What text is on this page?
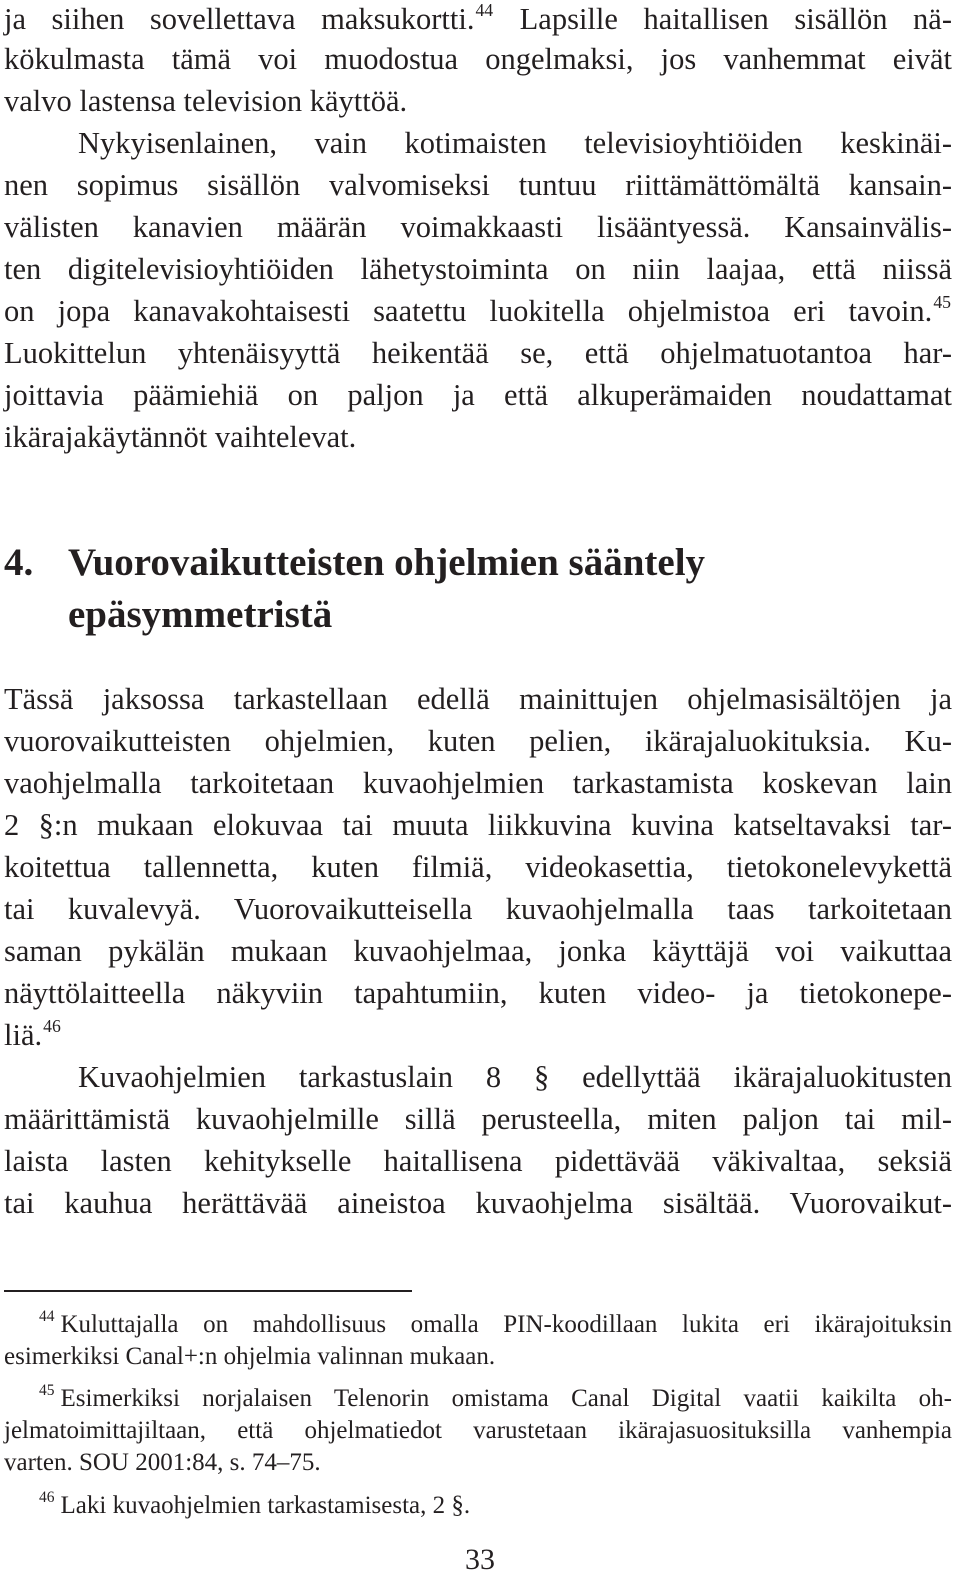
ja siihen sovellettava maksukortti.$^{44}$ Lapsille haitallisen sisällön nä-
kökulmasta tämä voi muodostua ongelmaksi, jos vanhemmat eivät
valvo lastensa television käyttöä.
Nykyisenlainen, vain kotimaisten televisioyhtiöiden keskinäi-
nen sopimus sisällön valvomiseksi tuntuu riittämättömältä kansain-
välisten kanavien määrän voimakkaasti lisääntyessä. Kansainvälis-
ten digitelevisioyhtiöiden lähetystoiminta on niin laajaa, että niissä
on jopa kanavakohtaisesti saatettu luokitella ohjelmistoa eri tavoin.$^{45}$
Luokittelun yhtenäisyyttä heikentää se, että ohjelmatuotantoa har-
joittavia päämiehiä on paljon ja että alkuperämaiden noudattamat
ikärajakäytännöt vaihtelevat.
4. Vuorovaikutteisten ohjelmien sääntely
epäsymmetristä
Tässä jaksossa tarkastellaan edellä mainittujen ohjelmasisältöjen ja
vuorovaikutteisten ohjelmien, kuten pelien, ikärajaluokituksia. Ku-
vaohjelmalla tarkoitetaan kuvaohjelmien tarkastamista koskevan lain
2 §:n mukaan elokuvaa tai muuta liikkuvina kuvina katseltavaksi tar-
koitettua tallennetta, kuten filmiä, videokasettia, tietokonelevykettä
tai kuvalevyä. Vuorovaikutteisella kuvaohjelmalla taas tarkoitetaan
saman pykälän mukaan kuvaohjelmaa, jonka käyttäjä voi vaikuttaa
näyttölaitteella näkyviin tapahtumiin, kuten video- ja tietokonepe-
liä.$^{46}$
Kuvaohjelmien tarkastuslain 8 § edellyttää ikärajaluokitusten
määrittämistä kuvaohjelmille sillä perusteella, miten paljon tai mil-
laista lasten kehitykselle haitallisena pidettävää väkivaltaa, seksiä
tai kauhua herättävää aineistoa kuvaohjelma sisältää. Vuorovaikut-
$^{44}$ Kuluttajalla on mahdollisuus omalla PIN-koodillaan lukita eri ikärajoituksin
esimerkiksi Canal+:n ohjelmia valinnan mukaan.
$^{45}$ Esimerkiksi norjalaisen Telenorin omistama Canal Digital vaatii kaikilta oh-
jelmatoimittajiltaan, että ohjelmatiedot varustetaan ikärajasuosituksilla vanhempia
varten. SOU 2001:84, s. 74–75.
$^{46}$ Laki kuvaohjelmien tarkastamisesta, 2 §.
33
